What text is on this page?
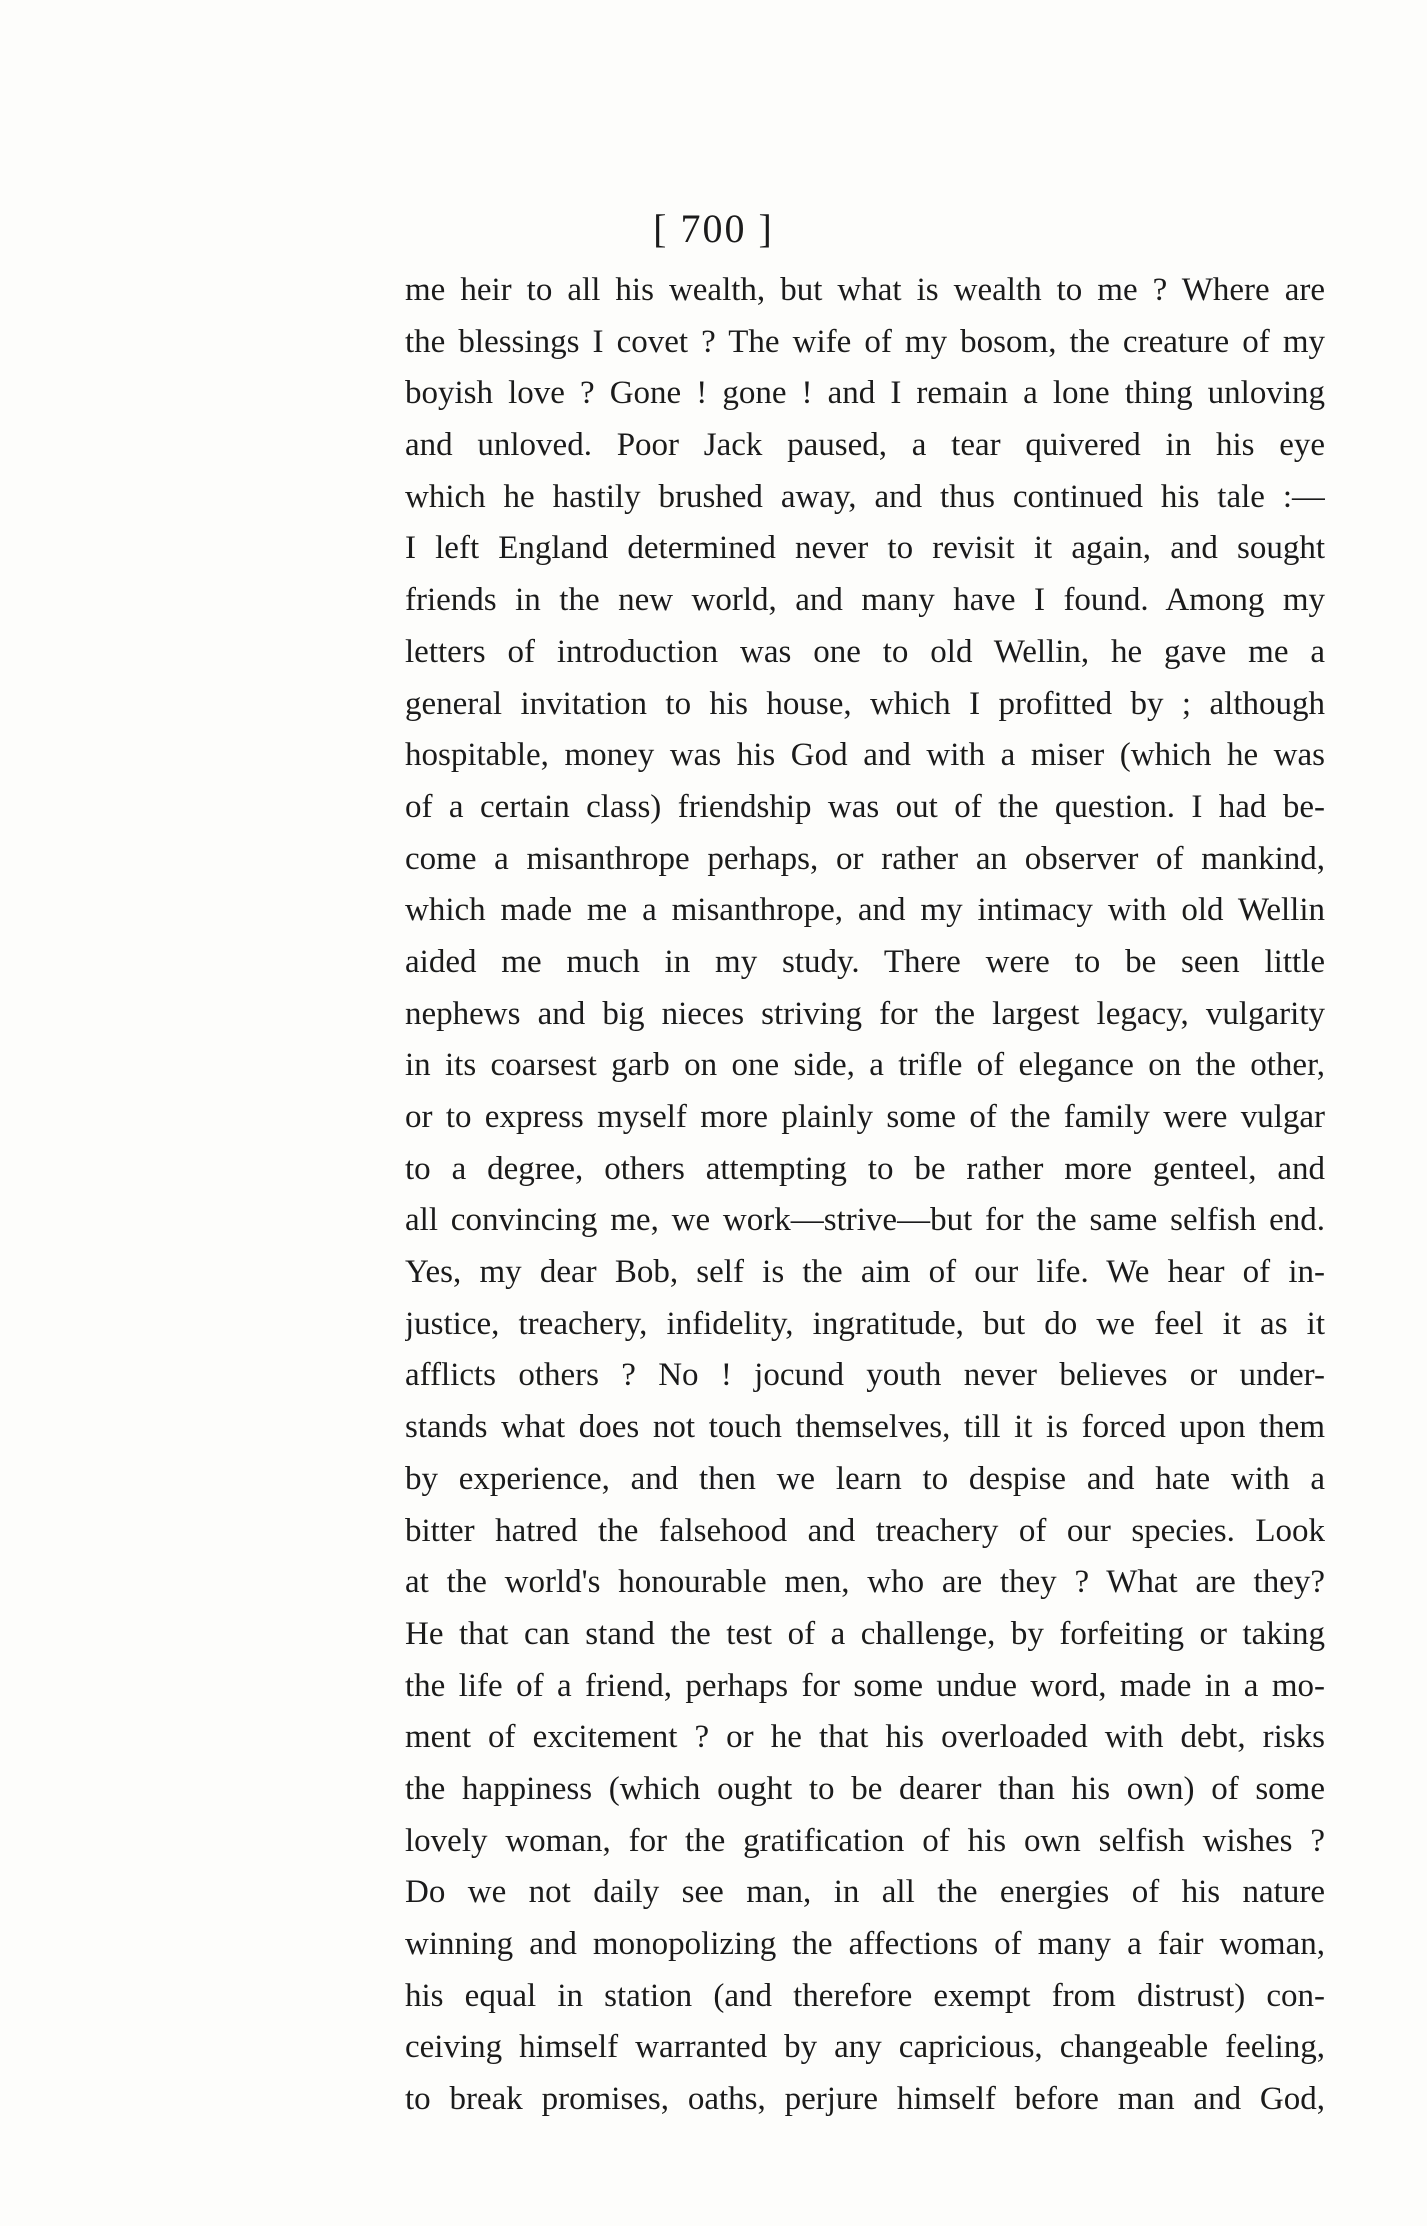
[ 700 ]
me heir to all his wealth, but what is wealth to me ? Where are
the blessings I covet ? The wife of my bosom, the creature of my
boyish love ? Gone ! gone ! and I remain a lone thing unloving
and unloved. Poor Jack paused, a tear quivered in his eye
which he hastily brushed away, and thus continued his tale :—
I left England determined never to revisit it again, and sought
friends in the new world, and many have I found. Among my
letters of introduction was one to old Wellin, he gave me a
general invitation to his house, which I profitted by ; although
hospitable, money was his God and with a miser (which he was
of a certain class) friendship was out of the question. I had be-
come a misanthrope perhaps, or rather an observer of mankind,
which made me a misanthrope, and my intimacy with old Wellin
aided me much in my study. There were to be seen little
nephews and big nieces striving for the largest legacy, vulgarity
in its coarsest garb on one side, a trifle of elegance on the other,
or to express myself more plainly some of the family were vulgar
to a degree, others attempting to be rather more genteel, and
all convincing me, we work—strive—but for the same selfish end.
Yes, my dear Bob, self is the aim of our life. We hear of in-
justice, treachery, infidelity, ingratitude, but do we feel it as it
afflicts others ? No ! jocund youth never believes or under-
stands what does not touch themselves, till it is forced upon them
by experience, and then we learn to despise and hate with a
bitter hatred the falsehood and treachery of our species. Look
at the world's honourable men, who are they ? What are they?
He that can stand the test of a challenge, by forfeiting or taking
the life of a friend, perhaps for some undue word, made in a mo-
ment of excitement ? or he that his overloaded with debt, risks
the happiness (which ought to be dearer than his own) of some
lovely woman, for the gratification of his own selfish wishes ?
Do we not daily see man, in all the energies of his nature
winning and monopolizing the affections of many a fair woman,
his equal in station (and therefore exempt from distrust) con-
ceiving himself warranted by any capricious, changeable feeling,
to break promises, oaths, perjure himself before man and God,
